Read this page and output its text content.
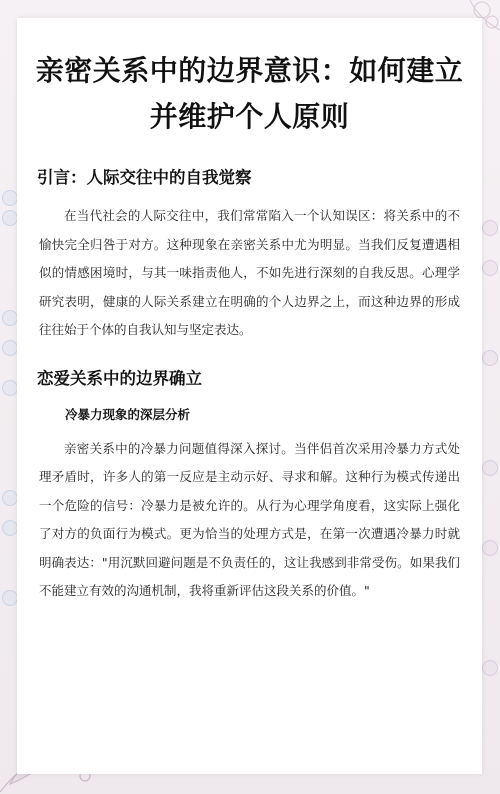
亲密关系中的边界意识：如何建立并维护个人原则
引言：人际交往中的自我觉察
在当代社会的人际交往中，我们常常陷入一个认知误区：将关系中的不愉快完全归咎于对方。这种现象在亲密关系中尤为明显。当我们反复遭遇相似的情感困境时，与其一味指责他人，不如先进行深刻的自我反思。心理学研究表明，健康的人际关系建立在明确的个人边界之上，而这种边界的形成往往始于个体的自我认知与坚定表达。
恋爱关系中的边界确立
冷暴力现象的深层分析
亲密关系中的冷暴力问题值得深入探讨。当伴侣首次采用冷暴力方式处理矛盾时，许多人的第一反应是主动示好、寻求和解。这种行为模式传递出一个危险的信号：冷暴力是被允许的。从行为心理学角度看，这实际上强化了对方的负面行为模式。更为恰当的处理方式是，在第一次遭遇冷暴力时就明确表达："用沉默回避问题是不负责任的，这让我感到非常受伤。如果我们不能建立有效的沟通机制，我将重新评估这段关系的价值。"
